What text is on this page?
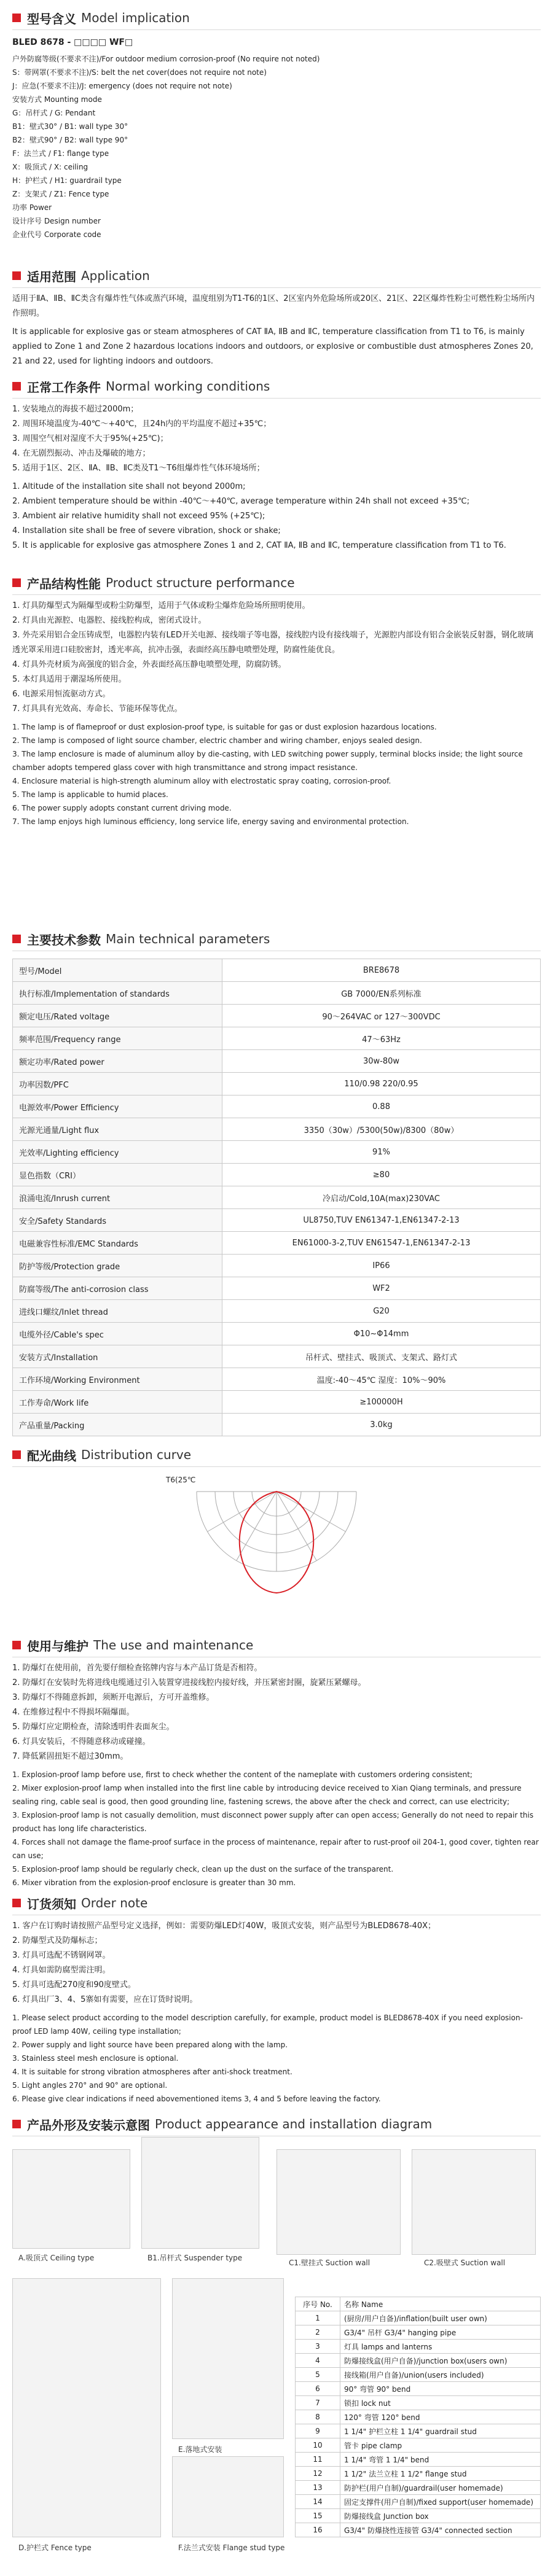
型号含义 Model implication
BLED 8678 - □□□□ WF□
户外防腐等级(不要求不注)/For outdoor medium corrosion-proof (No require not noted)
S：带网罩(不要求不注)/S: belt the net cover(does not require not note)
J：应急(不要求不注)/J: emergency (does not require not note)
安装方式 Mounting mode
G：吊杆式 / G: Pendant
B1：壁式30° / B1: wall type 30°
B2：壁式90° / B2: wall type 90°
F：法兰式 / F1: flange type
X：吸顶式 / X: ceiling
H：护栏式 / H1: guardrail type
Z：支架式 / Z1: Fence type
功率 Power
设计序号 Design number
企业代号 Corporate code
适用范围 Application
适用于ⅡA、ⅡB、ⅡC类含有爆炸性气体或蒸汽环境，温度组别为T1-T6的1区、2区室内外危险场所或20区、21区、22区爆炸性粉尘可燃性粉尘场所内作照明。
It is applicable for explosive gas or steam atmospheres of CAT ⅡA, ⅡB and ⅡC, temperature classification from T1 to T6, is mainly applied to Zone 1 and Zone 2 hazardous locations indoors and outdoors, or explosive or combustible dust atmospheres Zones 20, 21 and 22, used for lighting indoors and outdoors.
正常工作条件 Normal working conditions
1. 安装地点的海拔不超过2000m；
2. 周围环境温度为-40℃～+40℃，且24h内的平均温度不超过+35℃；
3. 周围空气相对湿度不大于95%(+25℃)；
4. 在无剧烈振动、冲击及爆破的地方；
5. 适用于1区、2区、ⅡA、ⅡB、ⅡC类及T1～T6组爆炸性气体环境场所；
1. Altitude of the installation site shall not beyond 2000m;
2. Ambient temperature should be within -40℃～+40℃, average temperature within 24h shall not exceed +35℃;
3. Ambient air relative humidity shall not exceed 95% (+25℃);
4. Installation site shall be free of severe vibration, shock or shake;
5. It is applicable for explosive gas atmosphere Zones 1 and 2, CAT ⅡA, ⅡB and ⅡC, temperature classification from T1 to T6.
产品结构性能 Product structure performance
1. 灯具防爆型式为隔爆型或粉尘防爆型，适用于气体或粉尘爆炸危险场所照明使用。
2. 灯具由光源腔、电器腔、接线腔构成，密闭式设计。
3. 外壳采用铝合金压铸成型，电器腔内装有LED开关电源、接线端子等电器，接线腔内设有接线端子，光源腔内部设有铝合金嵌装反射器，钢化玻璃透光罩采用进口硅胶密封，透光率高，抗冲击强，表面经高压静电喷塑处理，防腐性能优良。
4. 灯具外壳材质为高强度的铝合金，外表面经高压静电喷塑处理，防腐防锈。
5. 本灯具适用于潮湿场所使用。
6. 电源采用恒流驱动方式。
7. 灯具具有光效高、寿命长、节能环保等优点。
1. The lamp is of flameproof or dust explosion-proof type, is suitable for gas or dust explosion hazardous locations.
2. The lamp is composed of light source chamber, electric chamber and wiring chamber, enjoys sealed design.
3. The lamp enclosure is made of aluminum alloy by die-casting, with LED switching power supply, terminal blocks inside; the light source chamber adopts tempered glass cover with high transmittance and strong impact resistance.
4. Enclosure material is high-strength aluminum alloy with electrostatic spray coating, corrosion-proof.
5. The lamp is applicable to humid places.
6. The power supply adopts constant current driving mode.
7. The lamp enjoys high luminous efficiency, long service life, energy saving and environmental protection.
主要技术参数 Main technical parameters
型号/Model	BRE8678
执行标准/Implementation of standards	GB 7000/EN系列标准
额定电压/Rated voltage	90～264VAC or 127～300VDC
频率范围/Frequency range	47～63Hz
额定功率/Rated power	30w-80w
功率因数/PFC	110/0.98 220/0.95
电源效率/Power Efficiency	0.88
光源光通量/Light flux	3350（30w）/5300(50w)/8300（80w）
光效率/Lighting efficiency	91%
显色指数（CRI）	≥80
浪涌电流/Inrush current	冷启动/Cold,10A(max)230VAC
安全/Safety Standards	UL8750,TUV EN61347-1,EN61347-2-13
电磁兼容性标准/EMC Standards	EN61000-3-2,TUV EN61547-1,EN61347-2-13
防护等级/Protection grade	IP66
防腐等级/The anti-corrosion class	WF2
进线口螺纹/Inlet thread	G20
电缆外径/Cable's spec	Φ10~Φ14mm
安装方式/Installation	吊杆式、壁挂式、吸顶式、支架式、路灯式
工作环境/Working Environment	温度:-40～45℃ 湿度：10%～90%
工作寿命/Work life	≥100000H
产品重量/Packing	3.0kg
配光曲线 Distribution curve
T6(25℃
使用与维护 The use and maintenance
1. 防爆灯在使用前，首先要仔细检查铭牌内容与本产品订货是否相符。
2. 防爆灯在安装时先将进线电缆通过引入装置穿进接线腔内接好线，并压紧密封圈，旋紧压紧螺母。
3. 防爆灯不得随意拆卸，须断开电源后，方可开盖维修。
4. 在维修过程中不得损坏隔爆面。
5. 防爆灯应定期检查，清除透明件表面灰尘。
6. 灯具安装后，不得随意移动或碰撞。
7. 降低紧固扭矩不超过30mm。
1. Explosion-proof lamp before use, first to check whether the content of the nameplate with customers ordering consistent;
2. Mixer explosion-proof lamp when installed into the first line cable by introducing device received to Xian Qiang terminals, and pressure sealing ring, cable seal is good, then good grounding line, fastening screws, the above after the check and correct, can use electricity;
3. Explosion-proof lamp is not casually demolition, must disconnect power supply after can open access; Generally do not need to repair this product has long life characteristics.
4. Forces shall not damage the flame-proof surface in the process of maintenance, repair after to rust-proof oil 204-1, good cover, tighten rear can use;
5. Explosion-proof lamp should be regularly check, clean up the dust on the surface of the transparent.
6. Mixer vibration from the explosion-proof enclosure is greater than 30 mm.
订货须知 Order note
1. 客户在订购时请按照产品型号定义选择，例如：需要防爆LED灯40W，吸顶式安装，则产品型号为BLED8678-40X；
2. 防爆型式及防爆标志；
3. 灯具可选配不锈钢网罩。
4. 灯具如需防腐型需注明。
5. 灯具可选配270度和90度壁式。
6. 灯具出厂3、4、5寨如有需要，应在订货时说明。
1. Please select product according to the model description carefully, for example, product model is BLED8678-40X if you need explosion-proof LED lamp 40W, ceiling type installation;
2. Power supply and light source have been prepared along with the lamp.
3. Stainless steel mesh enclosure is optional.
4. It is suitable for strong vibration atmospheres after anti-shock treatment.
5. Light angles 270° and 90° are optional.
6. Please give clear indications if need abovementioned items 3, 4 and 5 before leaving the factory.
产品外形及安装示意图 Product appearance and installation diagram
A.吸顶式 Ceiling type	B1.吊杆式 Suspender type
C1.壁挂式 Suction wall	C2.吸壁式 Suction wall
D.护栏式 Fence type
E.落地式安装
F.法兰式安装 Flange stud type
序号 No.	名称 Name
1	(厨房/用户自备)/inflation(built user own)
2	G3/4" 吊杆 G3/4" hanging pipe
3	灯具 lamps and lanterns
4	防爆接线盒(用户自备)/junction box(users own)
5	接线箱(用户自备)/union(users included)
6	90° 弯管 90° bend
7	锁扣 lock nut
8	120° 弯管 120° bend
9	1 1/4" 护栏立柱 1 1/4" guardrail stud
10	管卡 pipe clamp
11	1 1/4" 弯管 1 1/4" bend
12	1 1/2" 法兰立柱 1 1/2" flange stud
13	防护栏(用户自制)/guardrail(user homemade)
14	固定支撑件(用户自制)/fixed support(user homemade)
15	防爆接线盒 Junction box
16	G3/4" 防爆挠性连接管 G3/4" connected section
